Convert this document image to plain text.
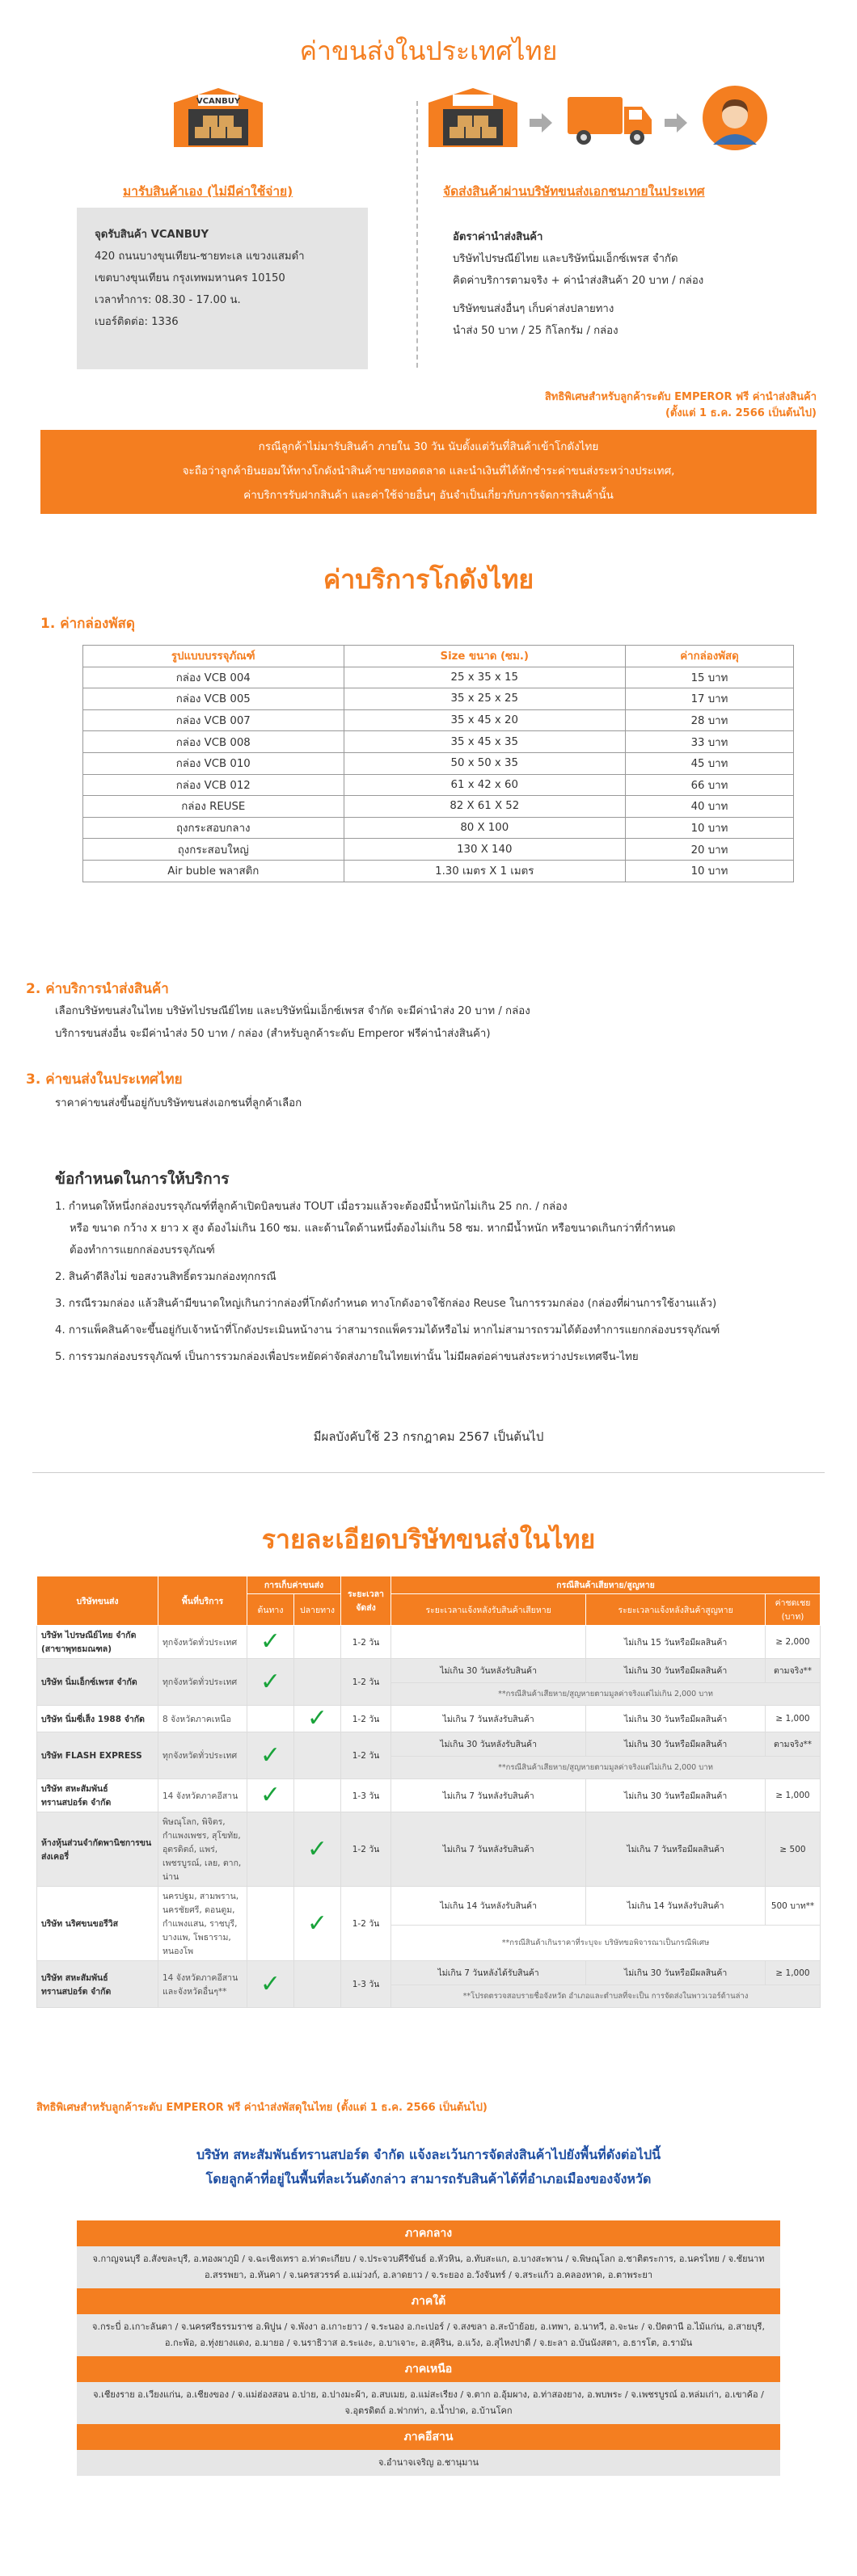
ค่าขนส่งในประเทศไทย
VCANBUY
มารับสินค้าเอง (ไม่มีค่าใช้จ่าย)	จัดส่งสินค้าผ่านบริษัทขนส่งเอกชนภายในประเทศ
จุดรับสินค้า VCANBUY
420 ถนนบางขุนเทียน-ชายทะเล แขวงแสมดำ
เขตบางขุนเทียน กรุงเทพมหานคร 10150
เวลาทำการ: 08.30 - 17.00 น.
เบอร์ติดต่อ: 1336
อัตราค่านำส่งสินค้า
บริษัทไปรษณีย์ไทย และบริษัทนิ่มเอ็กซ์เพรส จำกัด
คิดค่าบริการตามจริง + ค่านำส่งสินค้า 20 บาท / กล่อง
บริษัทขนส่งอื่นๆ เก็บค่าส่งปลายทาง
นำส่ง 50 บาท / 25 กิโลกรัม / กล่อง
สิทธิพิเศษสำหรับลูกค้าระดับ EMPEROR ฟรี ค่านำส่งสินค้า
(ตั้งแต่ 1 ธ.ค. 2566 เป็นต้นไป)
กรณีลูกค้าไม่มารับสินค้า ภายใน 30 วัน นับตั้งแต่วันที่สินค้าเข้าโกดังไทย
จะถือว่าลูกค้ายินยอมให้ทางโกดังนำสินค้าขายทอดตลาด และนำเงินที่ได้หักชำระค่าขนส่งระหว่างประเทศ,
ค่าบริการรับฝากสินค้า และค่าใช้จ่ายอื่นๆ อันจำเป็นเกี่ยวกับการจัดการสินค้านั้น
ค่าบริการโกดังไทย
1. ค่ากล่องพัสดุ
รูปแบบบรรจุภัณฑ์	Size ขนาด (ซม.)	ค่ากล่องพัสดุ
กล่อง VCB 004	25 x 35 x 15	15 บาท
กล่อง VCB 005	35 x 25 x 25	17 บาท
กล่อง VCB 007	35 x 45 x 20	28 บาท
กล่อง VCB 008	35 x 45 x 35	33 บาท
กล่อง VCB 010	50 x 50 x 35	45 บาท
กล่อง VCB 012	61 x 42 x 60	66 บาท
กล่อง REUSE	82 X 61 X 52	40 บาท
ถุงกระสอบกลาง	80 X 100	10 บาท
ถุงกระสอบใหญ่	130 X 140	20 บาท
Air buble พลาสติก	1.30 เมตร X 1 เมตร	10 บาท
2. ค่าบริการนำส่งสินค้า
เลือกบริษัทขนส่งในไทย บริษัทไปรษณีย์ไทย และบริษัทนิ่มเอ็กซ์เพรส จำกัด จะมีค่านำส่ง 20 บาท / กล่อง
บริการขนส่งอื่น จะมีค่านำส่ง 50 บาท / กล่อง (สำหรับลูกค้าระดับ Emperor ฟรีค่านำส่งสินค้า)
3. ค่าขนส่งในประเทศไทย
ราคาค่าขนส่งขึ้นอยู่กับบริษัทขนส่งเอกชนที่ลูกค้าเลือก
ข้อกำหนดในการให้บริการ
1. กำหนดให้หนึ่งกล่องบรรจุภัณฑ์ที่ลูกค้าเปิดบิลขนส่ง TOUT เมื่อรวมแล้วจะต้องมีน้ำหนักไม่เกิน 25 กก. / กล่อง
หรือ ขนาด กว้าง x ยาว x สูง ต้องไม่เกิน 160 ซม. และด้านใดด้านหนึ่งต้องไม่เกิน 58 ซม. หากมีน้ำหนัก หรือขนาดเกินกว่าที่กำหนด
ต้องทำการแยกกล่องบรรจุภัณฑ์
2. สินค้าดีลิงไม่ ขอสงวนสิทธิ์ตรวมกล่องทุกกรณี
3. กรณีรวมกล่อง แล้วสินค้ามีขนาดใหญ่เกินกว่ากล่องที่โกดังกำหนด ทางโกดังอาจใช้กล่อง Reuse ในการรวมกล่อง (กล่องที่ผ่านการใช้งานแล้ว)
4. การแพ็คสินค้าจะขึ้นอยู่กับเจ้าหน้าที่โกดังประเมินหน้างาน ว่าสามารถแพ็ครวมได้หรือไม่ หากไม่สามารถรวมได้ต้องทำการแยกกล่องบรรจุภัณฑ์
5. การรวมกล่องบรรจุภัณฑ์ เป็นการรวมกล่องเพื่อประหยัดค่าจัดส่งภายในไทยเท่านั้น ไม่มีผลต่อค่าขนส่งระหว่างประเทศจีน-ไทย
มีผลบังคับใช้ 23 กรกฎาคม 2567 เป็นต้นไป
รายละเอียดบริษัทขนส่งในไทย
บริษัทขนส่ง	พื้นที่บริการ	การเก็บค่าขนส่ง		ระยะเวลาจัดส่ง	กรณีสินค้าเสียหาย/สูญหาย		
		ต้นทาง	ปลายทาง		ระยะเวลาแจ้งหลังรับสินค้าเสียหาย	ระยะเวลาแจ้งหลังสินค้าสูญหาย	ค่าชดเชย (บาท)
บริษัท ไปรษณีย์ไทย จำกัด (สาขาพุทธมณฑล)	ทุกจังหวัดทั่วประเทศ	✓		1-2 วัน		ไม่เกิน 15 วันหรือมีผลสินค้า	≥ 2,000
บริษัท นิ่มเอ็กซ์เพรส จำกัด	ทุกจังหวัดทั่วประเทศ	✓		1-2 วัน	ไม่เกิน 30 วันหลังรับสินค้า	ไม่เกิน 30 วันหรือมีผลสินค้า	ตามจริง**
					**กรณีสินค้าเสียหาย/สูญหายตามมูลค่าจริงแต่ไม่เกิน 2,000 บาท		
บริษัท นิ่มซี่เส็ง 1988 จำกัด	8 จังหวัดภาคเหนือ		✓	1-2 วัน	ไม่เกิน 7 วันหลังรับสินค้า	ไม่เกิน 30 วันหรือมีผลสินค้า	≥ 1,000
บริษัท FLASH EXPRESS	ทุกจังหวัดทั่วประเทศ	✓		1-2 วัน	ไม่เกิน 30 วันหลังรับสินค้า	ไม่เกิน 30 วันหรือมีผลสินค้า	ตามจริง**
					**กรณีสินค้าเสียหาย/สูญหายตามมูลค่าจริงแต่ไม่เกิน 2,000 บาท		
บริษัท สหะสัมพันธ์ทรานสปอร์ต จำกัด	14 จังหวัดภาคอีสาน	✓		1-3 วัน	ไม่เกิน 7 วันหลังรับสินค้า	ไม่เกิน 30 วันหรือมีผลสินค้า	≥ 1,000
ห้างหุ้นส่วนจำกัดพานิชการขนส่งเคอรี่	พิษณุโลก, พิจิตร, กำแพงเพชร, สุโขทัย, อุตรดิตถ์, แพร่, เพชรบูรณ์, เลย, ตาก, น่าน		✓	1-2 วัน	ไม่เกิน 7 วันหลังรับสินค้า	ไม่เกิน 7 วันหรือมีผลสินค้า	≥ 500
บริษัท นริศขนขอรีวิส	นครปฐม, สามพราน, นครชัยศรี, ดอนตูม, กำแพงแสน, ราชบุรี, บางแพ, โพธาราม, หนองโพ		✓	1-2 วัน	ไม่เกิน 14 วันหลังรับสินค้า	ไม่เกิน 14 วันหลังรับสินค้า	500 บาท**
					**กรณีสินค้าเกินราคาที่ระบุจะ บริษัทขอพิจารณาเป็นกรณีพิเศษ		
บริษัท สหะสัมพันธ์ทรานสปอร์ต จำกัด	14 จังหวัดภาคอีสาน และจังหวัดอื่นๆ**	✓		1-3 วัน	ไม่เกิน 7 วันหลังได้รับสินค้า	ไม่เกิน 30 วันหรือมีผลสินค้า	≥ 1,000
					**โปรดตรวจสอบรายชื่อจังหวัด อำเภอและตำบลที่จะเป็น การจัดส่งในพาวเวอร์ด้านล่าง		
สิทธิพิเศษสำหรับลูกค้าระดับ EMPEROR ฟรี ค่านำส่งพัสดุในไทย (ตั้งแต่ 1 ธ.ค. 2566 เป็นต้นไป)
บริษัท สหะสัมพันธ์ทรานสปอร์ต จำกัด แจ้งละเว้นการจัดส่งสินค้าไปยังพื้นที่ดังต่อไปนี้
โดยลูกค้าที่อยู่ในพื้นที่ละเว้นดังกล่าว สามารถรับสินค้าได้ที่อำเภอเมืองของจังหวัด
ภาคกลาง
จ.กาญจนบุรี อ.สังขละบุรี, อ.ทองผาภูมิ / จ.ฉะเชิงเทรา อ.ท่าตะเกียบ / จ.ประจวบคีรีขันธ์ อ.หัวหิน, อ.ทับสะแก, อ.บางสะพาน / จ.พิษณุโลก อ.ชาติตระการ, อ.นครไทย / จ.ชัยนาท อ.สรรพยา, อ.หันคา / จ.นครสวรรค์ อ.แม่วงก์, อ.ลาดยาว / จ.ระยอง อ.วังจันทร์ / จ.สระแก้ว อ.คลองหาด, อ.ตาพระยา
ภาคใต้
จ.กระบี่ อ.เกาะลันตา / จ.นครศรีธรรมราช อ.พิปูน / จ.พังงา อ.เกาะยาว / จ.ระนอง อ.กะเปอร์ / จ.สงขลา อ.สะบ้าย้อย, อ.เทพา, อ.นาทวี, อ.จะนะ / จ.ปัตตานี อ.ไม้แก่น, อ.สายบุรี, อ.กะพ้อ, อ.ทุ่งยางแดง, อ.มายอ / จ.นราธิวาส อ.ระแงะ, อ.บาเจาะ, อ.สุคิริน, อ.แว้ง, อ.สุไหงปาดี / จ.ยะลา อ.บันนังสตา, อ.ธารโต, อ.รามัน
ภาคเหนือ
จ.เชียงราย อ.เวียงแก่น, อ.เชียงของ / จ.แม่ฮ่องสอน อ.ปาย, อ.ปางมะผ้า, อ.สบเมย, อ.แม่สะเรียง / จ.ตาก อ.อุ้มผาง, อ.ท่าสองยาง, อ.พบพระ / จ.เพชรบูรณ์ อ.หล่มเก่า, อ.เขาค้อ / จ.อุตรดิตถ์ อ.ฟากท่า, อ.น้ำปาด, อ.บ้านโคก
ภาคอีสาน
จ.อำนาจเจริญ อ.ชานุมาน
